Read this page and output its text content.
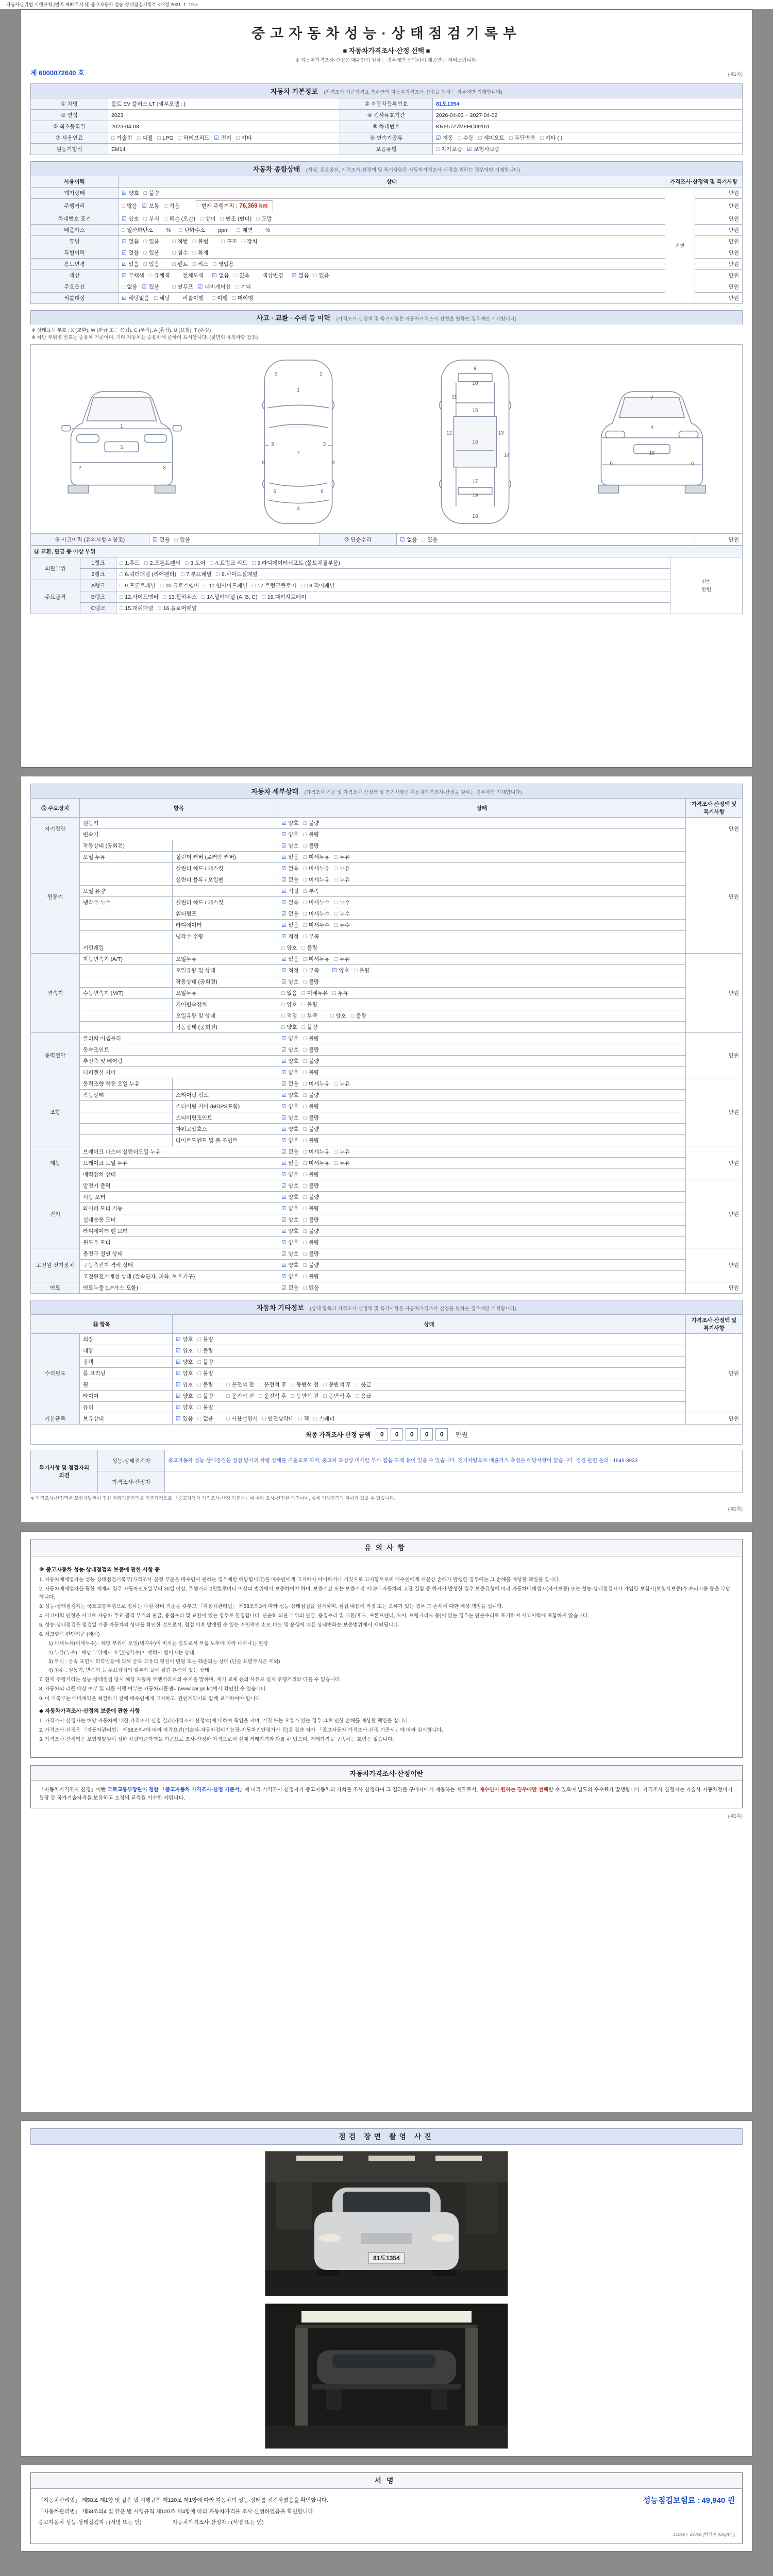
자동차관리법 시행규칙 [별지 제82호서식] 중고자동차 성능·상태점검기록부 <개정 2021. 1. 19.>
중고자동차성능·상태점검기록부
■ 자동차가격조사·산정 선택 ■
※ 자동차가격조사·산정은 매수인이 원하는 경우에만 선택하여 제공받는 서비스입니다.
제 6000072640 호	(제1쪽)
자동차 기본정보 (가격조사 기준가격표 복수안의 자동차가격조사·산정을 원하는 경우에만 기재합니다)
① 차명	볼트 EV 플러스 LT (세부모델 : )	② 자동차등록번호	81도1354
③ 연식	2023	④ 검사유효기간	2026-04-03 ~ 2027-04-02
⑤ 최초등록일	2023-04-03	⑥ 차대번호	KNF57Z7MFHC09161
⑦ 사용연료	□ 가솔린 □ 디젤 □ LPG □ 하이브리드 ☑ 전기 □ 기타	⑧ 변속기종류	☑ 자동 □ 수동 □ 세미오토 □ 무단변속 □ 기타 ( )
원동기형식	EM14	보증유형	□ 자가보증 ☑ 보험사보증
자동차 종합상태 (색상, 주요옵션, 가격조사·산정액 및 특기사항은 자동차가격조사·산정을 원하는 경우에만 기재합니다)
사용이력	상태	가격조사·산정액 및 특기사항	
계기상태	☑ 양호 □ 불량	전반	만원
주행거리	□ 많음 ☑ 보통 □ 적음 현재 주행거리 : 76,369 km		만원
차대번호 표기	☑ 양호 □ 부식 □ 훼손 (오손) □ 상이 □ 변조 (변타) □ 도말		만원
배출가스	□ 일산화탄소 % □ 탄화수소 ppm □ 매연 %		만원
튜닝	☑ 없음 □ 있음 □ 적법 □ 불법 □ 구조 □ 장치		만원
특별이력	☑ 없음 □ 있음 □ 침수 □ 화재		만원
용도변경	☑ 없음 □ 있음 □ 렌트 □ 리스 □ 영업용		만원
색상	☑ 무채색 □ 유채색 전체도색 ☑ 없음 □ 있음 색상변경 ☑ 없음 □ 있음		만원
주요옵션	□ 없음 ☑ 있음 □ 썬루프 ☑ 네비게이션 □ 기타		만원
리콜대상	☑ 해당없음 □ 해당 리콜이행 □ 이행 □ 미이행		만원
사고 · 교환 · 수리 등 이력 (가격조사·산정액 및 특기사항은 자동차가격조사·산정을 원하는 경우에만 기재합니다)
※ 상태표시 부호 : X (교환), W (판금 또는 용접), C (부식), A (흠집), U (요철), T (손상)
※ 하단 부위별 번호는 승용차 기준이며, 기타 자동차는 승용차에 준하여 표시합니다. (뒷면의 유의사항 참조)
1
2
5
3
1
2	2
3	3
7
4
6	6
8	8
9
10
11
15
12	13
16
14
17
19
18
7
4
6	6
18
⑨ 사고이력 (유의사항 4 참조)	☑ 없음 □ 있음	⑩ 단순수리	☑ 없음 □ 있음	만원
⑪ 교환, 판금 등 이상 부위			
외판부위	1랭크	□ 1.후드 □ 2.프론트펜더 □ 3.도어 □ 4.트렁크 리드 □ 5.라디에이터서포트 (볼트체결부품)	전반
만원

	2랭크	□ 6.쿼터패널 (리어펜더) □ 7.루프패널 □ 8.사이드실패널	
주요골격	A랭크	□ 9.프론트패널 □ 10.크로스멤버 □ 11.인사이드패널 □ 17.트렁크플로어 □ 18.리어패널	
	B랭크	□ 12.사이드멤버 □ 13.휠하우스 □ 14.필러패널 (A, B, C) □ 19.패키지트레이	
	C랭크	□ 15.대쉬패널 □ 16.플로어패널	
자동차 세부상태 (가격조사 기준 및 가격조사·산정액 및 특기사항은 자동차가격조사·산정을 원하는 경우에만 기재합니다)
⑫ 주요장치	항목		상태	가격조사·산정액 및 특기사항
자기진단	원동기		☑ 양호 □ 불량	만원
	변속기		☑ 양호 □ 불량	
원동기	작동상태 (공회전)		☑ 양호 □ 불량	만원
	오일 누유	실린더 커버 (로커암 커버)	☑ 없음 □ 미세누유 □ 누유	
		실린더 헤드 / 개스킷	☑ 없음 □ 미세누유 □ 누유	
		실린더 블록 / 오일팬	☑ 없음 □ 미세누유 □ 누유	
	오일 유량		☑ 적정 □ 부족	
	냉각수 누수	실린더 헤드 / 개스킷	☑ 없음 □ 미세누수 □ 누수	
		워터펌프	☑ 없음 □ 미세누수 □ 누수	
		라디에이터	☑ 없음 □ 미세누수 □ 누수	
		냉각수 수량	☑ 적정 □ 부족	
	커먼레일		□ 양호 □ 불량	
변속기	자동변속기 (A/T)	오일누유	☑ 없음 □ 미세누유 □ 누유	만원
		오일유량 및 상태	☑ 적정 □ 부족 ☑ 양호 □ 불량	
		작동상태 (공회전)	☑ 양호 □ 불량	
	수동변속기 (M/T)	오일누유	□ 없음 □ 미세누유 □ 누유	
		기어변속장치	□ 양호 □ 불량	
		오일유량 및 상태	□ 적정 □ 부족 □ 양호 □ 불량	
		작동상태 (공회전)	□ 양호 □ 불량	
동력전달	클러치 어셈블리		☑ 양호 □ 불량	만원
	등속조인트		☑ 양호 □ 불량	
	추진축 및 베어링		☑ 양호 □ 불량	
	디퍼렌셜 기어		☑ 양호 □ 불량	
조향	동력조향 작동 오일 누유		☑ 없음 □ 미세누유 □ 누유	만원
	작동상태	스티어링 펌프	☑ 양호 □ 불량	
		스티어링 기어 (MDPS포함)	☑ 양호 □ 불량	
		스티어링조인트	☑ 양호 □ 불량	
		파워고압호스	☑ 양호 □ 불량	
		타이로드엔드 및 볼 조인트	☑ 양호 □ 불량	
제동	브레이크 마스터 실린더오일 누유		☑ 없음 □ 미세누유 □ 누유	만원
	브레이크 오일 누유		☑ 없음 □ 미세누유 □ 누유	
	배력장치 상태		☑ 양호 □ 불량	
전기	발전기 출력		☑ 양호 □ 불량	만원
	시동 모터		☑ 양호 □ 불량	
	와이퍼 모터 기능		☑ 양호 □ 불량	
	실내송풍 모터		☑ 양호 □ 불량	
	라디에이터 팬 모터		☑ 양호 □ 불량	
	윈도우 모터		☑ 양호 □ 불량	
고전원 전기장치	충전구 절연 상태		☑ 양호 □ 불량	만원
	구동축전지 격리 상태		☑ 양호 □ 불량	
	고전원전기배선 상태 (접속단자, 피복, 보호기구)		☑ 양호 □ 불량	
연료	연료누출 (LP가스 포함)		☑ 없음 □ 있음	만원
자동차 기타정보 (상태 항목과 가격조사·산정액 및 특기사항은 자동차가격조사·산정을 원하는 경우에만 기재합니다)
⑬ 항목		상태	가격조사·산정액 및 특기사항
수리필요	외장	☑ 양호 □ 불량	만원
	내장	☑ 양호 □ 불량	
	광택	☑ 양호 □ 불량	
	룸 크리닝	☑ 양호 □ 불량	
	휠	☑ 양호 □ 불량 □ 운전석 전 □ 운전석 후 □ 동반석 전 □ 동반석 후 □ 응급	
	타이어	☑ 양호 □ 불량 □ 운전석 전 □ 운전석 후 □ 동반석 전 □ 동반석 후 □ 응급	
	유리	☑ 양호 □ 불량	
기본품목	보유상태	☑ 있음 □ 없음 □ 사용설명서 □ 안전삼각대 □ 잭 □ 스패너	만원
최종 가격조사·산정 금액	0 0 0 0 0	만원
특기사항 및 점검자의 의견	성능·상태점검자	중고자동차 성능·상태점검은 점검 당시의 차량 상태를 기준으로 하며, 중고차 특성상 미세한 부식·잡음·도색 등이 있을 수 있습니다. 전기차량으로 배출가스 측정은 해당사항이 없습니다. 점검 관련 문의 : 1646-3933
	가격조사·산정자	
※ 가격조사·산정액은 보험개발원이 정한 차량기준가액을 기준가격으로 「중고자동차 가격조사·산정 기준서」에 따라 조사·산정한 가격이며, 실제 거래가격과 차이가 있을 수 있습니다.
(제2쪽)
유의사항
※ 중고자동차 성능·상태점검의 보증에 관한 사항 등
1. 자동차매매업자는 성능·상태점검기록부(가격조사·산정 부분은 매수인이 원하는 경우에만 해당합니다)를 매수인에게 고지하지 아니하거나 거짓으로 고지함으로써 매수인에게 재산상 손해가 발생한 경우에는 그 손해를 배상할 책임을 집니다.
2. 자동차매매업자를 통한 매매의 경우 자동차인도일부터 30일 이상, 주행거리 2천킬로미터 이상의 범위에서 보증하여야 하며, 보증기간 또는 보증거리 이내에 자동차의 고장·결함 등 하자가 발생한 경우 보증유형에 따라 자동차매매업자(자가보증) 또는 성능·상태점검자가 가입한 보험사(보험사보증)가 수리비용 등을 부담합니다.
3. 성능·상태점검자는 국토교통부령으로 정하는 시설·장비 기준을 갖추고 「자동차관리법」 제58조의3에 따라 성능·상태점검을 실시하며, 점검 내용에 거짓 또는 오류가 있는 경우 그 손해에 대한 배상 책임을 집니다.
4. 사고이력 인정은 사고로 자동차 주요 골격 부위의 판금, 용접수리 및 교환이 있는 경우로 한정합니다. 단순히 외판 부위의 판금, 용접수리 및 교환(후드, 프론트펜더, 도어, 트렁크리드 등)이 있는 경우는 단순수리로 표기하며 사고이력에 포함하지 않습니다.
5. 성능·상태점검은 점검일 기준 자동차의 상태를 확인한 것으로서, 점검 이후 발생될 수 있는 자연적인 소모·마모 및 운행에 따른 상태변화는 보증범위에서 제외됩니다.
6. 체크항목 판단기준 (예시)
1) 미세누유(미세누수) : 해당 부위에 오일(냉각수)이 비치는 정도로서 부품 노후에 따라 나타나는 현상
2) 누유(누수) : 해당 부위에서 오일(냉각수)이 맺혀서 떨어지는 상태
3) 부식 : 금속 표면이 화학반응에 의해 금속 고유의 형질이 변형 또는 훼손되는 상태 (단순 표면부식은 제외)
4) 침수 : 원동기, 변속기 등 주요장치의 일부가 물에 잠긴 흔적이 있는 상태
7. 현재 주행거리는 성능·상태점검 당시 해당 자동차 주행거리계의 수치를 말하며, 계기 교체 등의 사유로 실제 주행거리와 다를 수 있습니다.
8. 자동차의 리콜 대상 여부 및 리콜 시행 여부는 자동차리콜센터(www.car.go.kr)에서 확인할 수 있습니다.
9. 이 기록부는 매매계약을 체결하기 전에 매수인에게 고지하고, 관인계약서와 함께 교부하여야 합니다.
◆ 자동차가격조사·산정의 보증에 관한 사항
1. 가격조사·산정자는 해당 자동차에 대한 가격조사·산정 결과(가격조사·산정액)에 대하여 책임을 지며, 거짓 또는 오류가 있는 경우 그로 인한 손해를 배상할 책임을 집니다.
2. 가격조사·산정은 「자동차관리법」 제58조의4에 따라 자격요건(기술사·자동차정비기능장·자동차진단평가사 등)을 갖춘 자가 「중고자동차 가격조사·산정 기준서」에 따라 실시합니다.
3. 가격조사·산정액은 보험개발원이 정한 차량기준가액을 기준으로 조사·산정한 가격으로서 실제 거래가격과 다를 수 있으며, 거래가격을 구속하는 효력은 없습니다.
자동차가격조사·산정이란
「자동차가격조사·산정」이란 국토교통부장관이 정한 「중고자동차 가격조사·산정 기준서」에 따라 가격조사·산정자가 중고자동차의 가치를 조사·산정하여 그 결과를 구매자에게 제공하는 제도로서, 매수인이 원하는 경우에만 선택할 수 있으며 별도의 수수료가 발생합니다. 가격조사·산정자는 기술사·자동차정비기능장 등 국가기술자격을 보유하고 소정의 교육을 이수한 자입니다.
(제3쪽)
점검 장면 촬영 사진
81도1354
서명
「자동차관리법」 제58조 제1항 및 같은 법 시행규칙 제120조 제1항에 따라 자동차의 성능·상태를 점검하였음을 확인합니다.	성능점검보험료 : 49,940 원
「자동차관리법」 제58조의4 및 같은 법 시행규칙 제120조 제4항에 따라 자동차가격을 조사·산정하였음을 확인합니다.
중고자동차 성능·상태점검자 : (서명 또는 인)	자동차가격조사·산정자 : (서명 또는 인)
210㎜ × 297㎜ [백상지 (80g/㎡)]
